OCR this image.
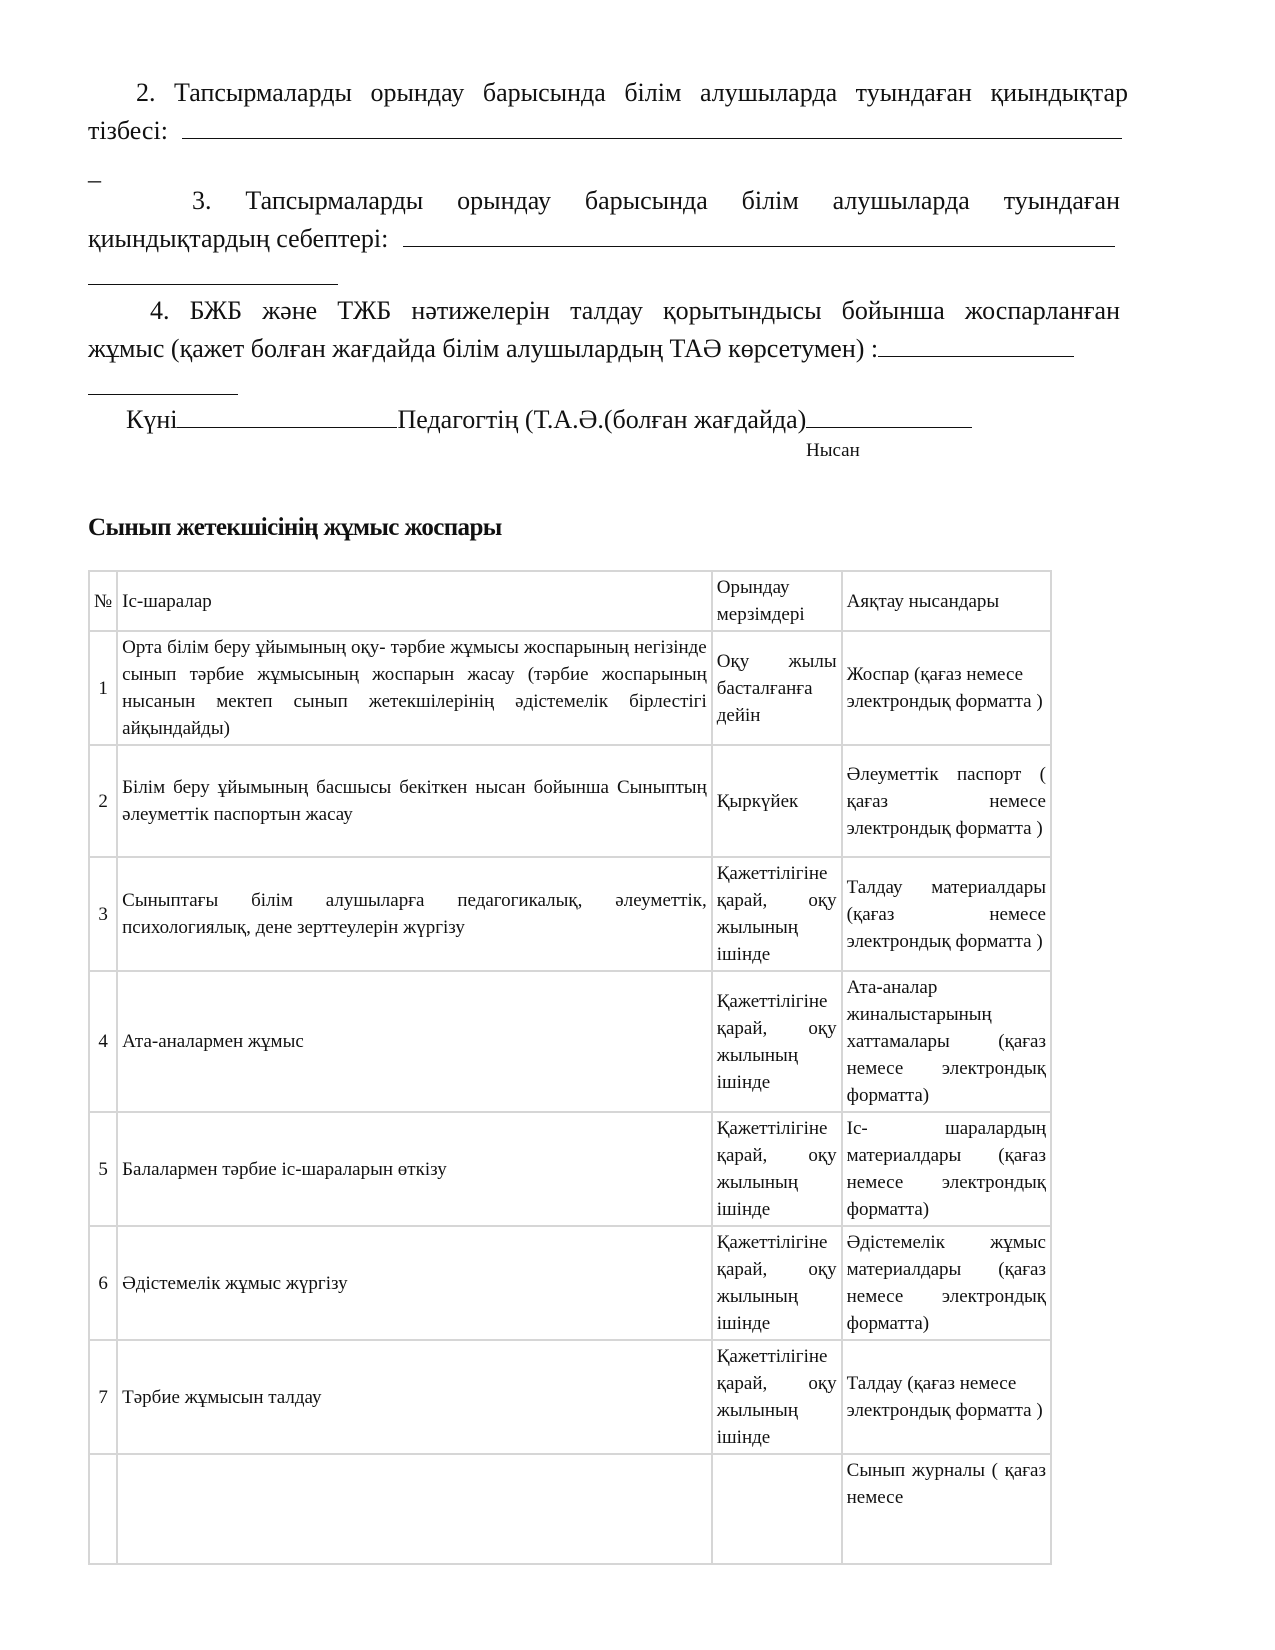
2. Тапсырмаларды орындау барысында білім алушыларда туындаған қиындықтар
тізбесі:
_
3. Тапсырмаларды орындау барысында білім алушыларда туындаған
қиындықтардың себептері:
4. БЖБ және ТЖБ нәтижелерін талдау қорытындысы бойынша жоспарланған
жұмыс (қажет болған жағдайда білім алушылардың ТАӘ көрсетумен) :
Күні	Педагогтің (Т.А.Ә.(болған жағдайда)
Нысан
Сынып жетекшісінің жұмыс жоспары
№	Іс-шаралар	Орындау мерзімдері	Аяқтау нысандары
1	Орта білім беру ұйымының оқу- тәрбие жұмысы жоспарының негізінде сынып тәрбие жұмысының жоспарын жасау (тәрбие жоспарының нысанын мектеп сынып жетекшілерінің әдістемелік бірлестігі айқындайды)	Оқу жылы басталғанға дейін	Жоспар (қағаз немесе электрондық форматта )
2	Білім беру ұйымының басшысы бекіткен нысан бойынша Сыныптың әлеуметтік паспортын жасау	Қыркүйек	Әлеуметтік паспорт ( қағаз немесе электрондық форматта )
3	Сыныптағы білім алушыларға педагогикалық, әлеуметтік, психологиялық, дене зерттеулерін жүргізу	Қажеттілігіне қарай, оқу жылының ішінде	Талдау материалдары (қағаз немесе электрондық форматта )
4	Ата-аналармен жұмыс	Қажеттілігіне қарай, оқу жылының ішінде	Ата-аналар жиналыстарының хаттамалары (қағаз немесе электрондық форматта)
5	Балалармен тәрбие іс-шараларын өткізу	Қажеттілігіне қарай, оқу жылының ішінде	Іс- шаралардың материалдары (қағаз немесе электрондық форматта)
6	Әдістемелік жұмыс жүргізу	Қажеттілігіне қарай, оқу жылының ішінде	Әдістемелік жұмыс материалдары (қағаз немесе электрондық форматта)
7	Тәрбие жұмысын талдау	Қажеттілігіне қарай, оқу жылының ішінде	Талдау (қағаз немесе электрондық форматта )
			Сынып журналы ( қағаз немесе
